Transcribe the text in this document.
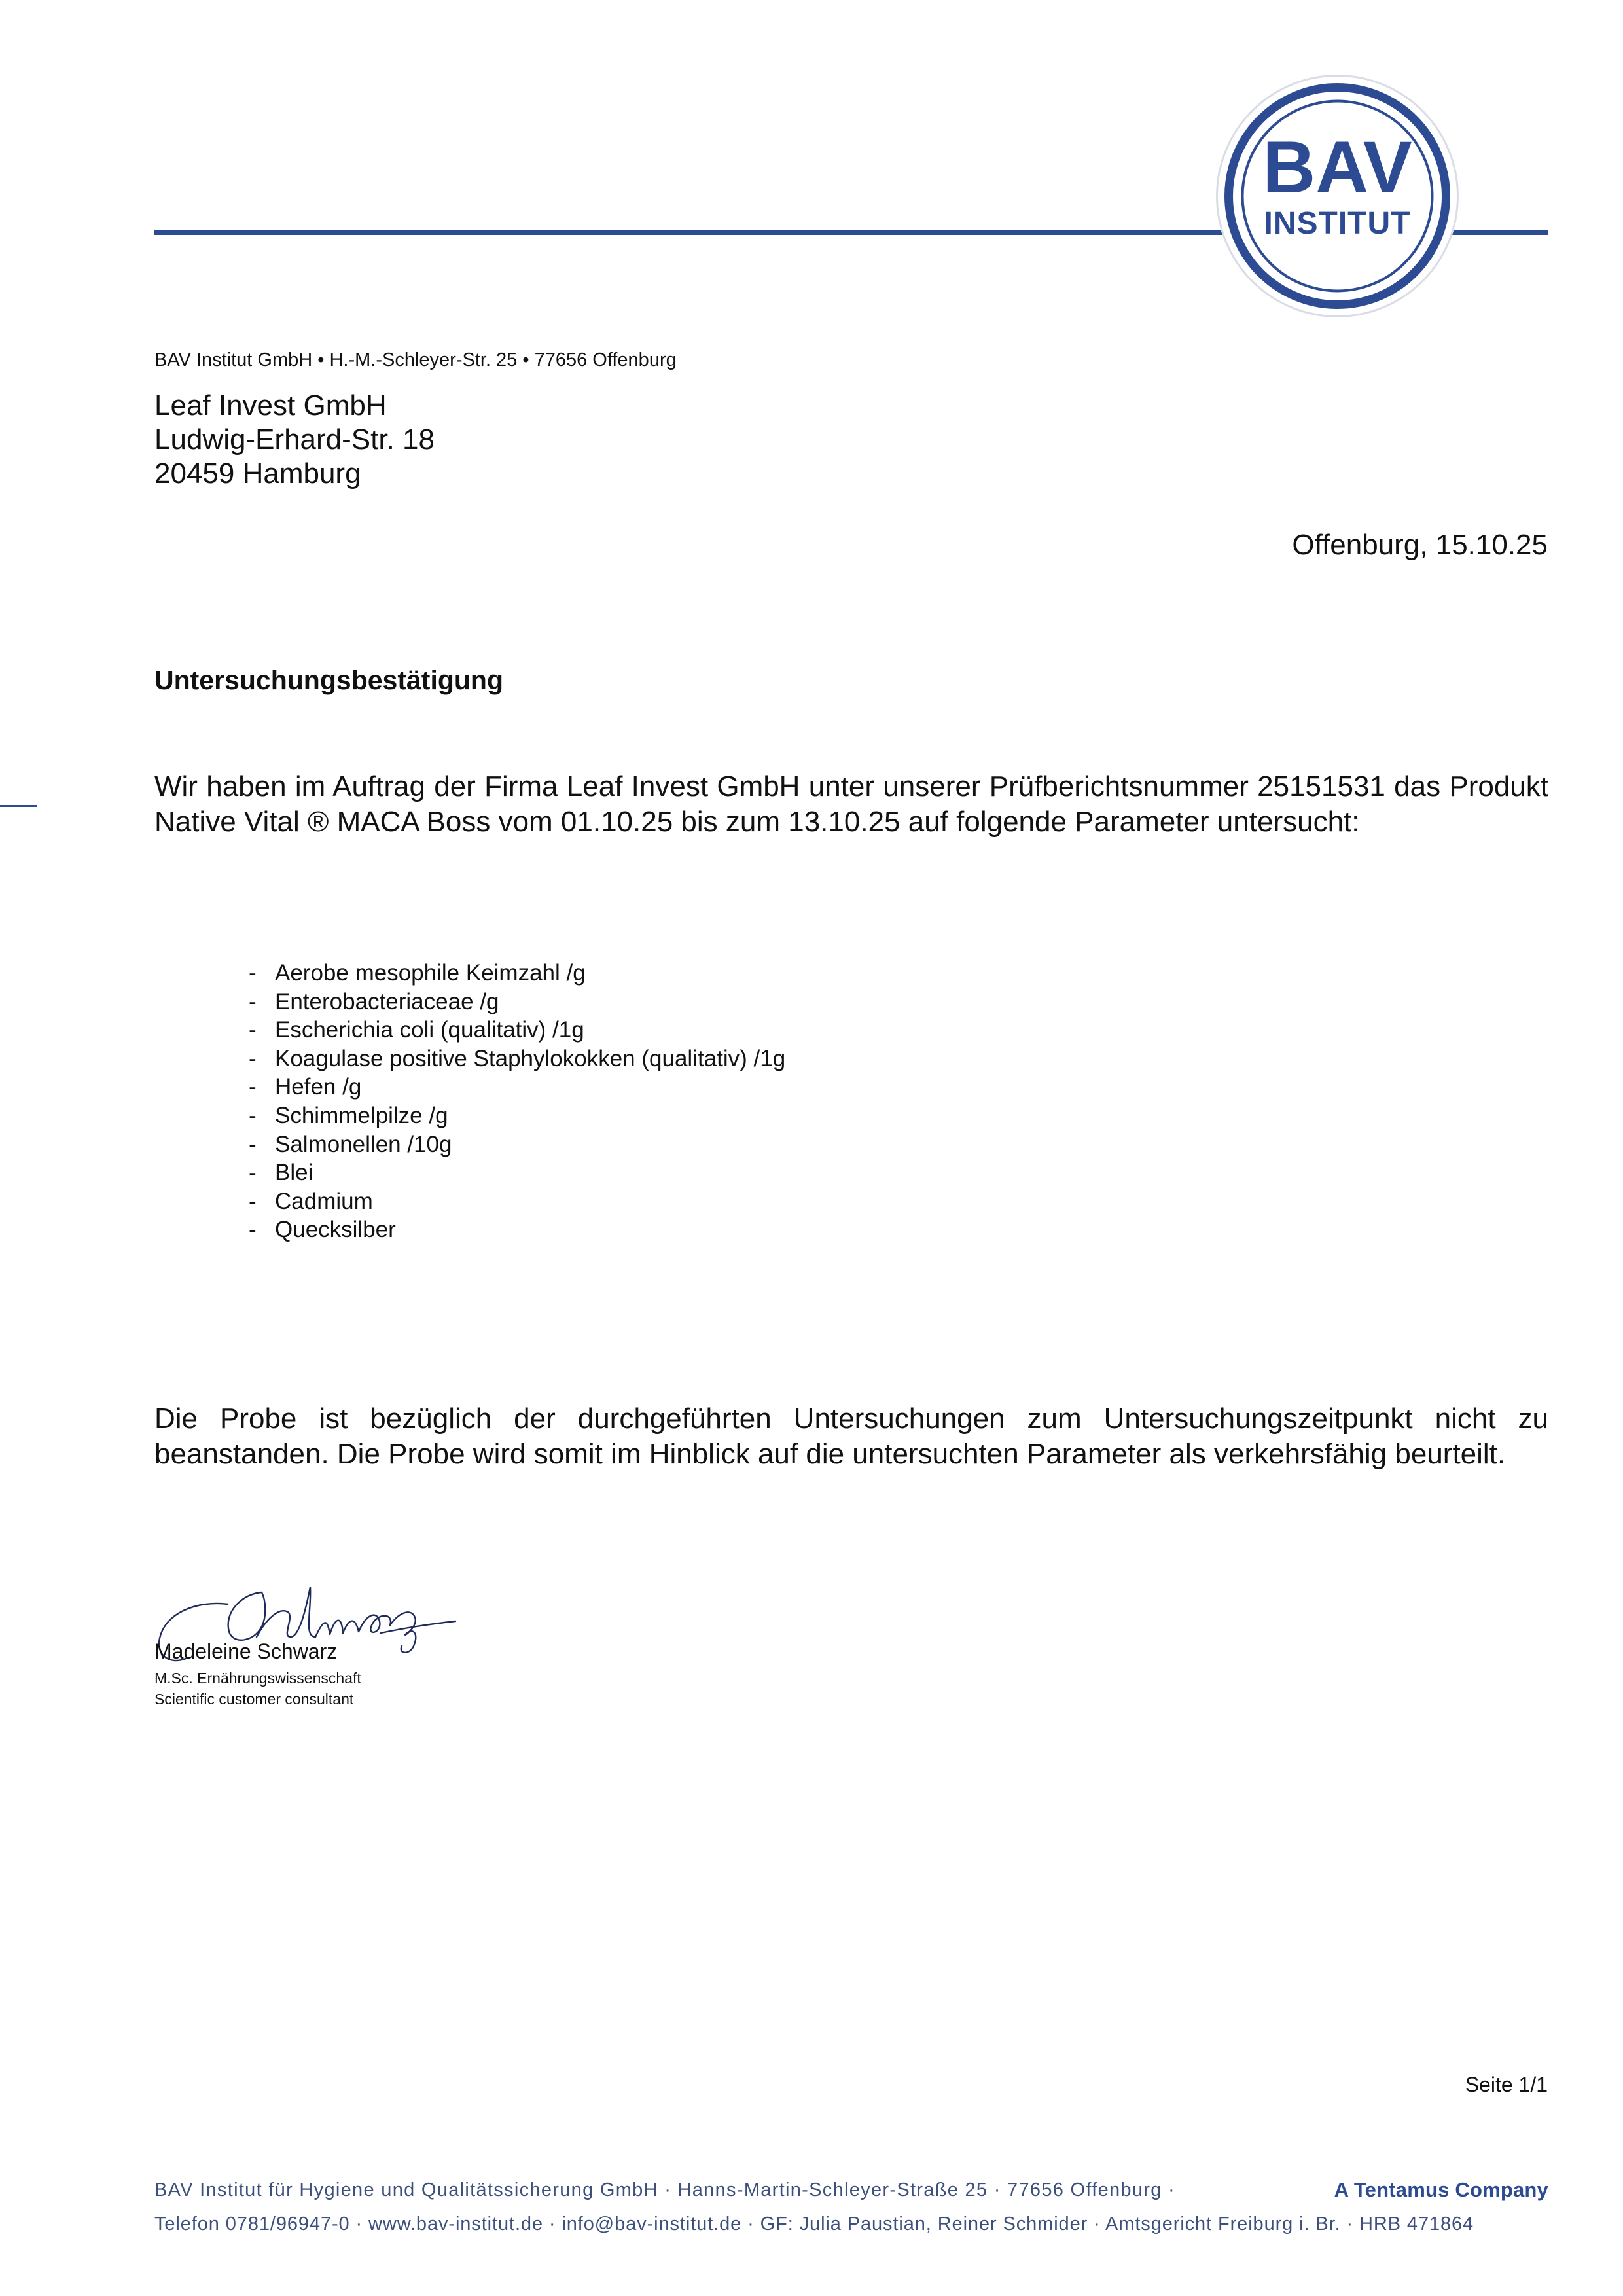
BAV
INSTITUT
BAV Institut GmbH • H.-M.-Schleyer-Str. 25 • 77656 Offenburg
Leaf Invest GmbH
Ludwig-Erhard-Str. 18
20459 Hamburg
Offenburg, 15.10.25
Untersuchungsbestätigung
Wir haben im Auftrag der Firma Leaf Invest GmbH unter unserer Prüfberichtsnummer 25151531 das Produkt Native Vital ® MACA Boss vom 01.10.25 bis zum 13.10.25 auf folgende Parameter untersucht:
- Aerobe mesophile Keimzahl /g
- Enterobacteriaceae /g
- Escherichia coli (qualitativ) /1g
- Koagulase positive Staphylokokken (qualitativ) /1g
- Hefen /g
- Schimmelpilze /g
- Salmonellen /10g
- Blei
- Cadmium
- Quecksilber
Die Probe ist bezüglich der durchgeführten Untersuchungen zum Untersuchungszeitpunkt nicht zu beanstanden. Die Probe wird somit im Hinblick auf die untersuchten Parameter als verkehrsfähig beurteilt.
Madeleine Schwarz
M.Sc. Ernährungswissenschaft
Scientific customer consultant
Seite 1/1
BAV Institut für Hygiene und Qualitätssicherung GmbH · Hanns-Martin-Schleyer-Straße 25 · 77656 Offenburg ·	A Tentamus Company
Telefon 0781/96947-0 · www.bav-institut.de · info@bav-institut.de · GF: Julia Paustian, Reiner Schmider · Amtsgericht Freiburg i. Br. · HRB 471864
